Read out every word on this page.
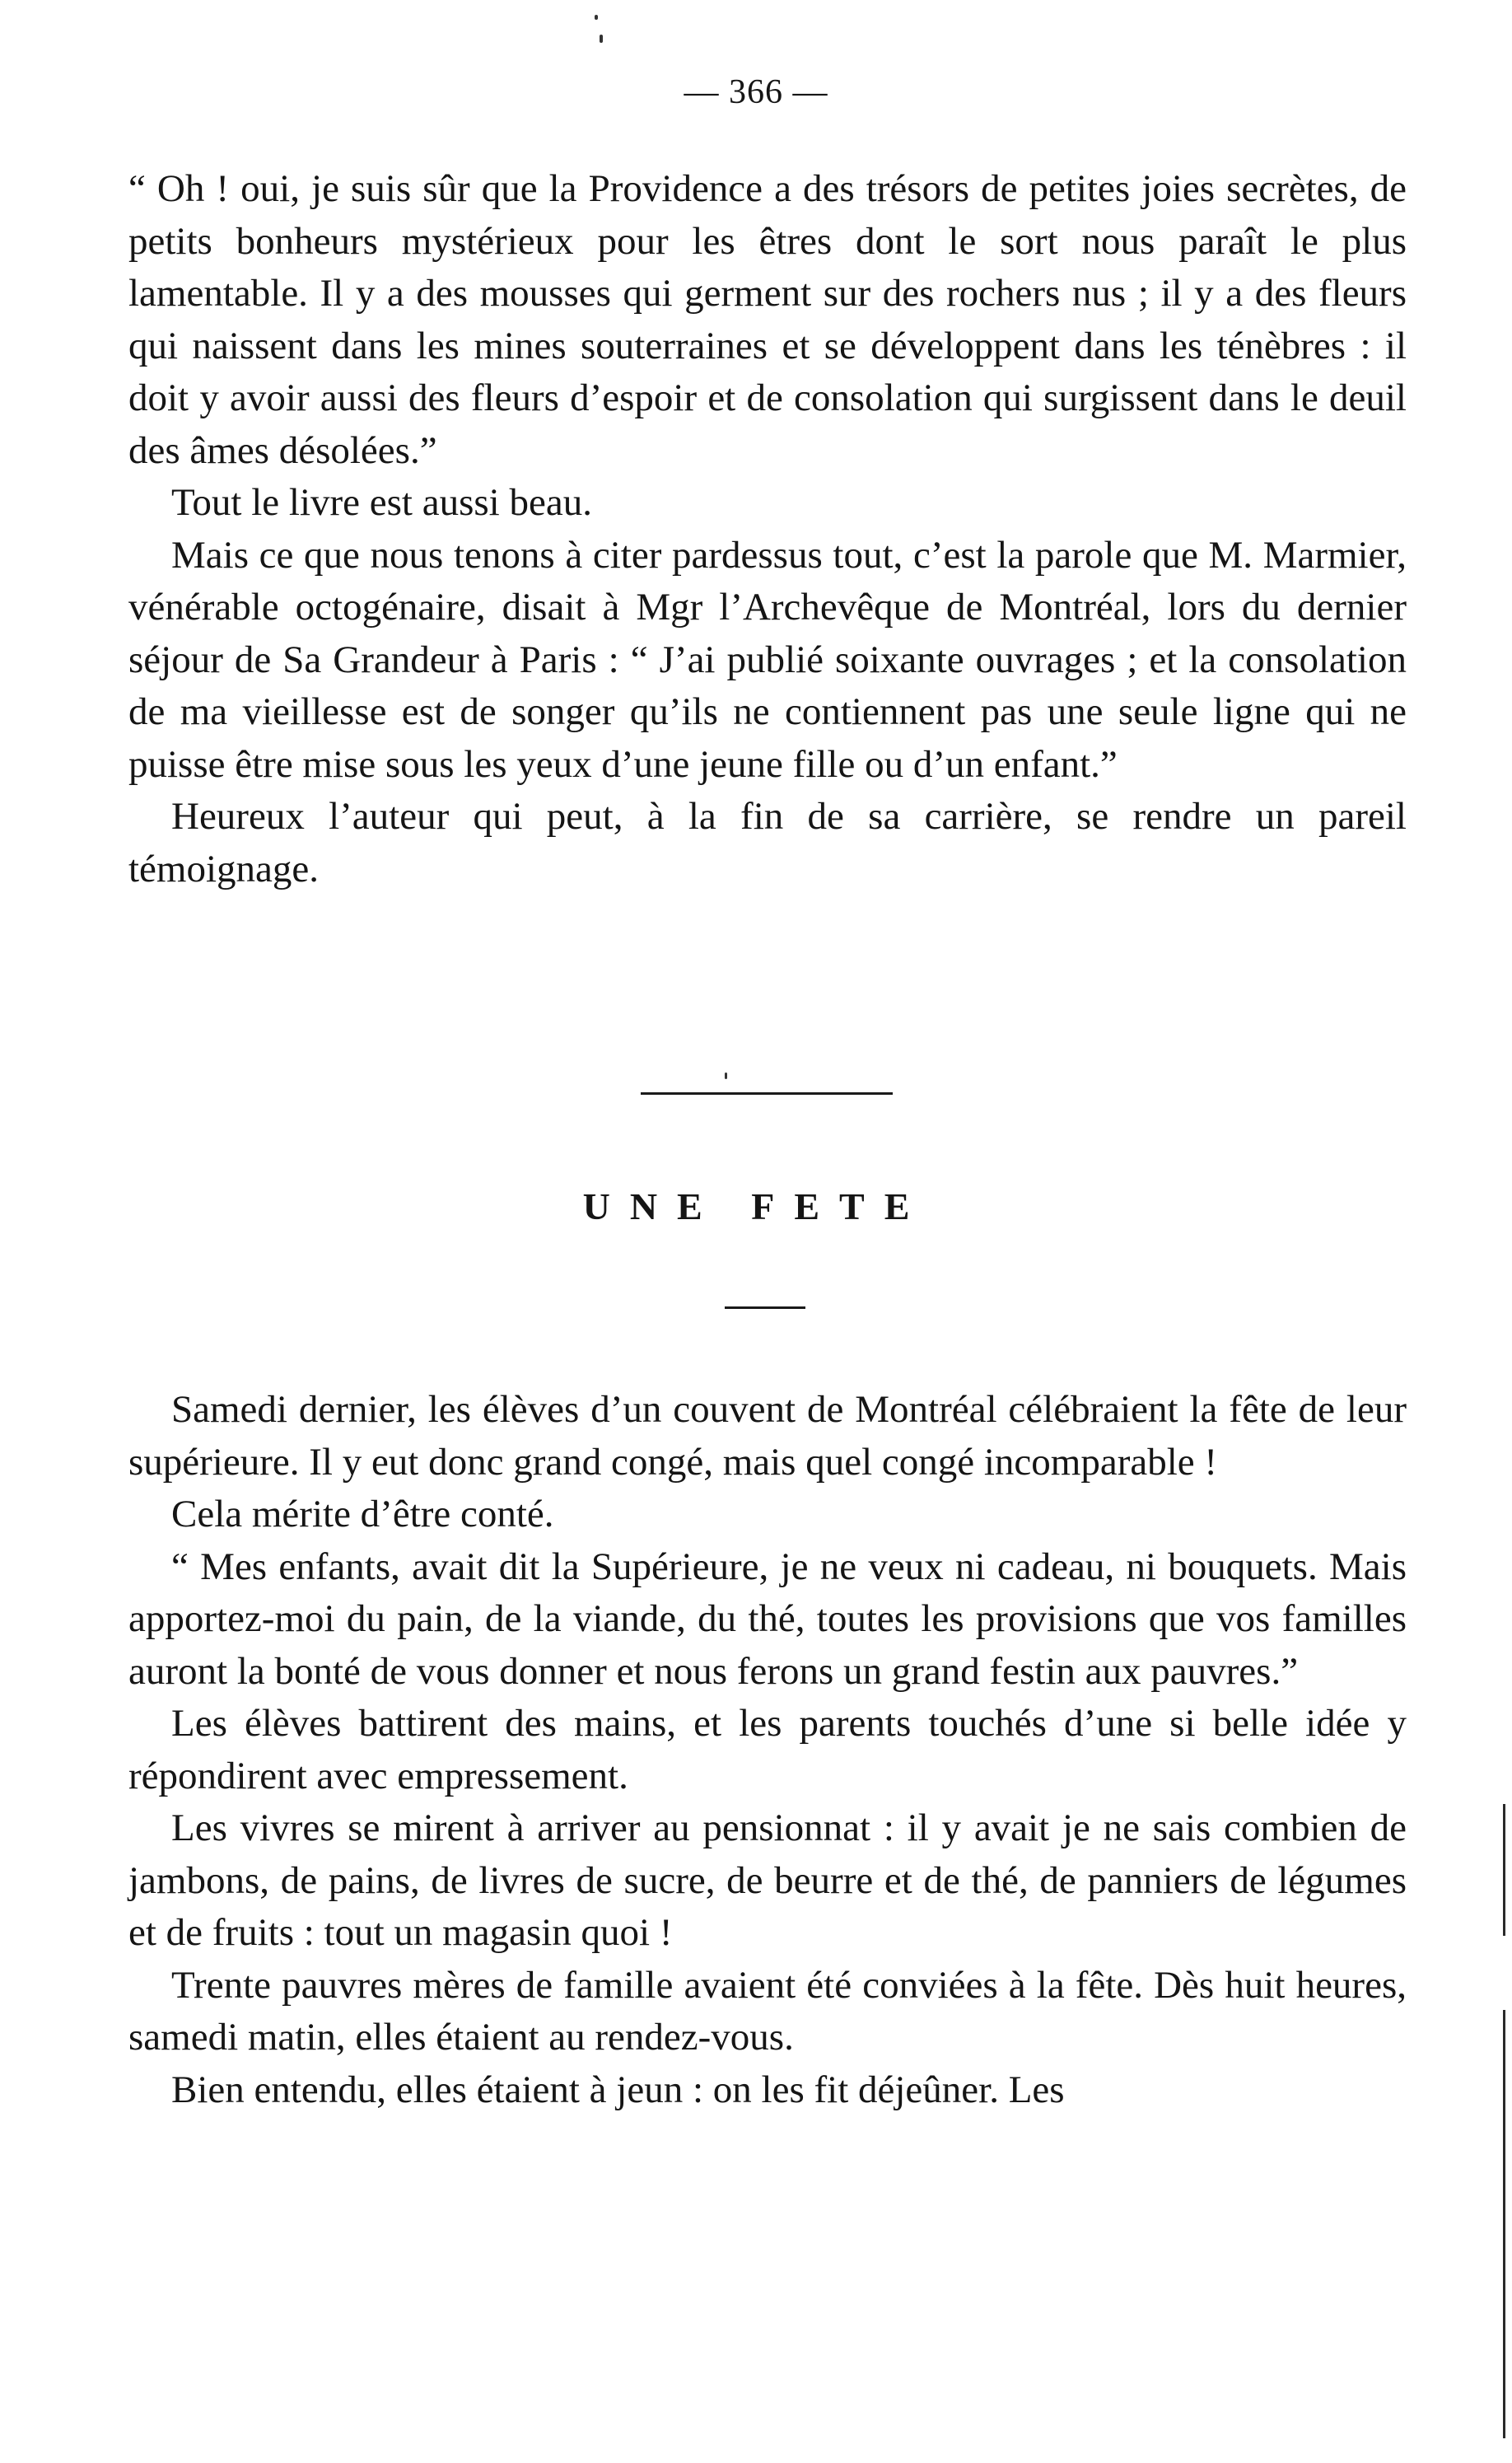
— 366 —

“ Oh ! oui, je suis sûr que la Providence a des trésors de petites joies secrètes, de petits bonheurs mystérieux pour les êtres dont le sort nous paraît le plus lamentable. Il y a des mousses qui germent sur des rochers nus ; il y a des fleurs qui naissent dans les mines souterraines et se développent dans les ténèbres : il doit y avoir aussi des fleurs d’espoir et de consolation qui surgissent dans le deuil des âmes désolées.”

Tout le livre est aussi beau.

Mais ce que nous tenons à citer pardessus tout, c’est la parole que M. Marmier, vénérable octogénaire, disait à Mgr l’Archevêque de Montréal, lors du dernier séjour de Sa Grandeur à Paris : “ J’ai publié soixante ouvrages ; et la consolation de ma vieillesse est de songer qu’ils ne contiennent pas une seule ligne qui ne puisse être mise sous les yeux d’une jeune fille ou d’un enfant.”

Heureux l’auteur qui peut, à la fin de sa carrière, se rendre un pareil témoignage.

UNE FETE

Samedi dernier, les élèves d’un couvent de Montréal célébraient la fête de leur supérieure. Il y eut donc grand congé, mais quel congé incomparable !

Cela mérite d’être conté.

“ Mes enfants, avait dit la Supérieure, je ne veux ni cadeau, ni bouquets. Mais apportez-moi du pain, de la viande, du thé, toutes les provisions que vos familles auront la bonté de vous donner et nous ferons un grand festin aux pauvres.”

Les élèves battirent des mains, et les parents touchés d’une si belle idée y répondirent avec empressement.

Les vivres se mirent à arriver au pensionnat : il y avait je ne sais combien de jambons, de pains, de livres de sucre, de beurre et de thé, de panniers de légumes et de fruits : tout un magasin quoi !

Trente pauvres mères de famille avaient été conviées à la fête. Dès huit heures, samedi matin, elles étaient au rendez-vous.

Bien entendu, elles étaient à jeun : on les fit déjeûner. Les
